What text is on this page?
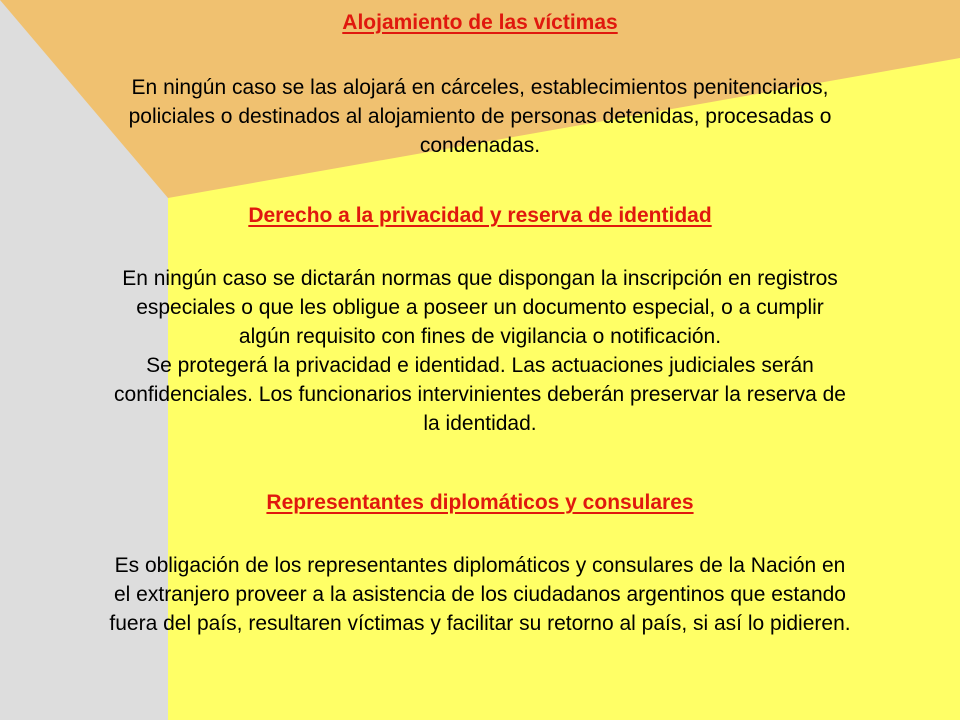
Alojamiento de las víctimas

En ningún caso se las alojará en cárceles, establecimientos penitenciarios,
policiales o destinados al alojamiento de personas detenidas, procesadas o
condenadas.

Derecho a la privacidad y reserva de identidad

En ningún caso se dictarán normas que dispongan la inscripción en registros
especiales o que les obligue a poseer un documento especial, o a cumplir
algún requisito con fines de vigilancia o notificación.
Se protegerá la privacidad e identidad. Las actuaciones judiciales serán
confidenciales. Los funcionarios intervinientes deberán preservar la reserva de
la identidad.

Representantes diplomáticos y consulares

Es obligación de los representantes diplomáticos y consulares de la Nación en
el extranjero proveer a la asistencia de los ciudadanos argentinos que estando
fuera del país, resultaren víctimas y facilitar su retorno al país, si así lo pidieren.
